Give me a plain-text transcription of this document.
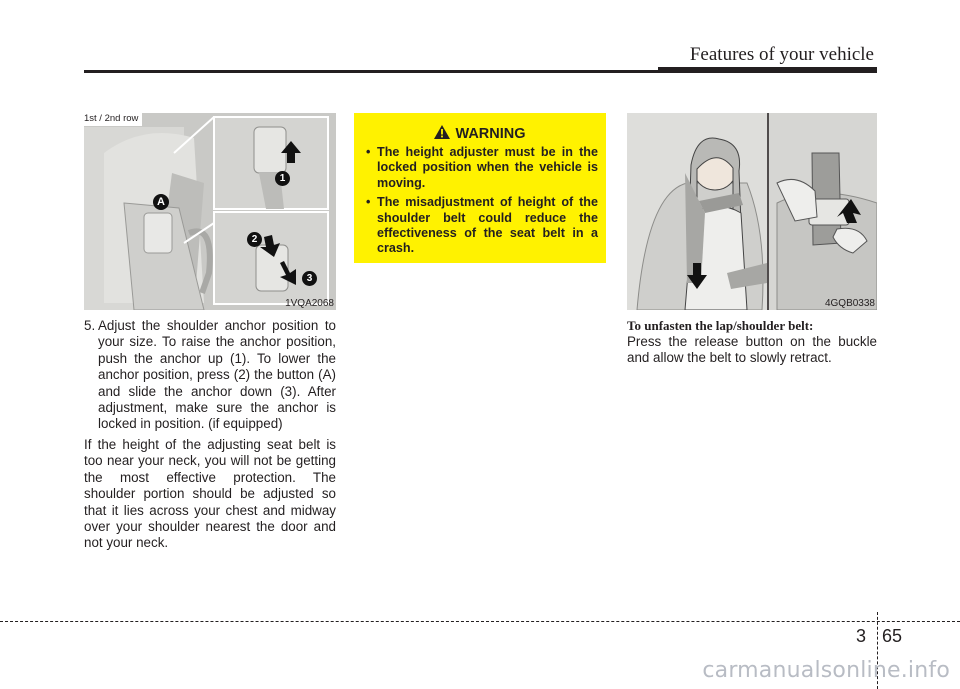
Features of your vehicle
A
1
2
3
1st / 2nd row
1VQA2068
5. Adjust the shoulder anchor position to your size. To raise the anchor position, push the anchor up (1). To lower the anchor position, press (2) the button (A) and slide the anchor down (3). After adjustment, make sure the anchor is locked in position. (if equipped)
If the height of the adjusting seat belt is too near your neck, you will not be getting the most effective protection. The shoulder portion should be adjusted so that it lies across your chest and midway over your shoulder nearest the door and not your neck.
WARNING
• The height adjuster must be in the locked position when the vehicle is moving.
• The misadjustment of height of the shoulder belt could reduce the effectiveness of the seat belt in a crash.
4GQB0338
To unfasten the lap/shoulder belt:
Press the release button on the buckle and allow the belt to slowly retract.
3 65
carmanualsonline.info
